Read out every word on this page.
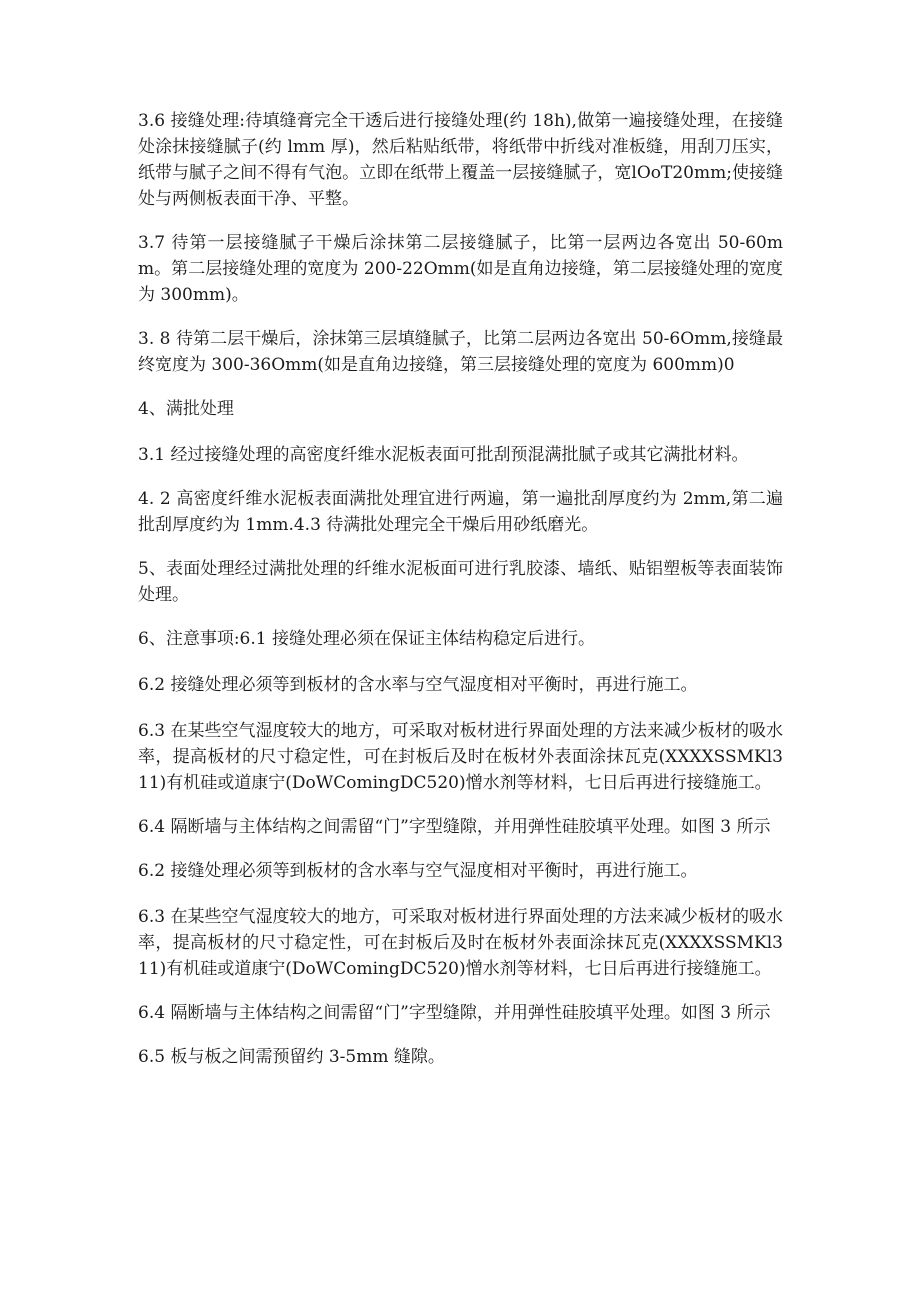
3.6 接缝处理:待填缝膏完全干透后进行接缝处理(约 18h),做第一遍接缝处理，在接缝处涂抹接缝腻子(约 lmm 厚)，然后粘贴纸带，将纸带中折线对准板缝，用刮刀压实，纸带与腻子之间不得有气泡。立即在纸带上覆盖一层接缝腻子，宽lOoT20mm;使接缝处与两侧板表面干净、平整。

3.7 待第一层接缝腻子干燥后涂抹第二层接缝腻子，比第一层两边各宽出 50-60mm。第二层接缝处理的宽度为 200-22Omm(如是直角边接缝，第二层接缝处理的宽度为 300mm)。

3. 8 待第二层干燥后，涂抹第三层填缝腻子，比第二层两边各宽出 50-6Omm,接缝最终宽度为 300-36Omm(如是直角边接缝，第三层接缝处理的宽度为 600mm)0

4、满批处理

3.1 经过接缝处理的高密度纤维水泥板表面可批刮预混满批腻子或其它满批材料。

4. 2 高密度纤维水泥板表面满批处理宜进行两遍，第一遍批刮厚度约为 2mm,第二遍批刮厚度约为 1mm.4.3 待满批处理完全干燥后用砂纸磨光。

5、表面处理经过满批处理的纤维水泥板面可进行乳胶漆、墙纸、贴铝塑板等表面装饰处理。

6、注意事项:6.1 接缝处理必须在保证主体结构稳定后进行。

6.2 接缝处理必须等到板材的含水率与空气湿度相对平衡时，再进行施工。

6.3 在某些空气湿度较大的地方，可采取对板材进行界面处理的方法来减少板材的吸水率，提高板材的尺寸稳定性，可在封板后及时在板材外表面涂抹瓦克(XXXXSSMKl311)有机硅或道康宁(DoWComingDC520)憎水剂等材料，七日后再进行接缝施工。

6.4 隔断墙与主体结构之间需留“门”字型缝隙，并用弹性硅胶填平处理。如图 3 所示

6.2 接缝处理必须等到板材的含水率与空气湿度相对平衡时，再进行施工。

6.3 在某些空气湿度较大的地方，可采取对板材进行界面处理的方法来减少板材的吸水率，提高板材的尺寸稳定性，可在封板后及时在板材外表面涂抹瓦克(XXXXSSMKl311)有机硅或道康宁(DoWComingDC520)憎水剂等材料，七日后再进行接缝施工。

6.4 隔断墙与主体结构之间需留“门”字型缝隙，并用弹性硅胶填平处理。如图 3 所示

6.5 板与板之间需预留约 3-5mm 缝隙。
